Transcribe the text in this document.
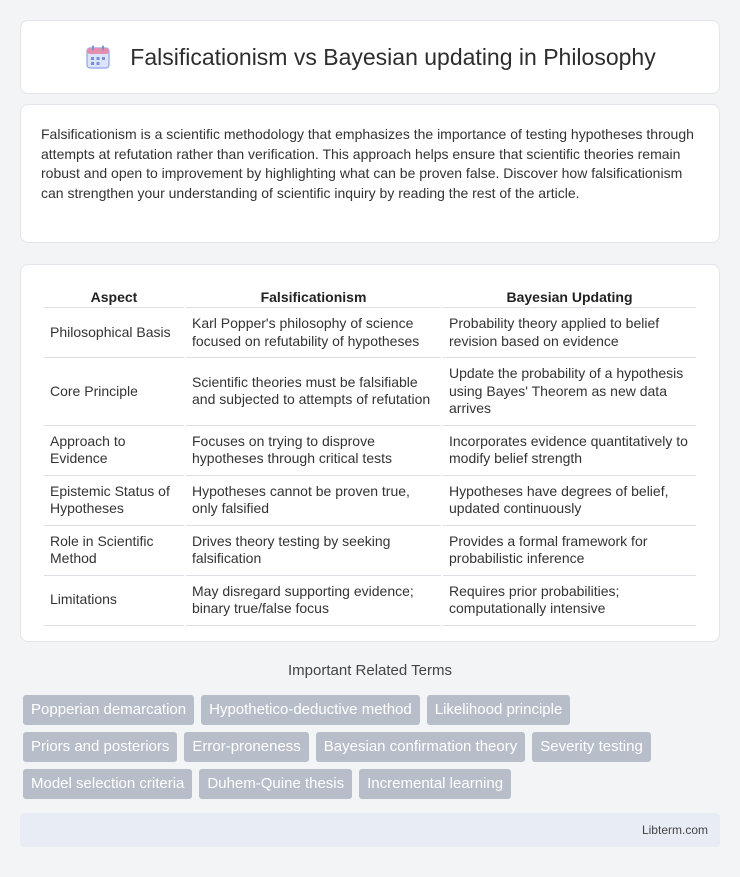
Falsificationism vs Bayesian updating in Philosophy

Falsificationism is a scientific methodology that emphasizes the importance of testing hypotheses through attempts at refutation rather than verification. This approach helps ensure that scientific theories remain robust and open to improvement by highlighting what can be proven false. Discover how falsificationism can strengthen your understanding of scientific inquiry by reading the rest of the article.

Aspect	Falsificationism	Bayesian Updating
Philosophical Basis	Karl Popper's philosophy of science focused on refutability of hypotheses	Probability theory applied to belief revision based on evidence
Core Principle	Scientific theories must be falsifiable and subjected to attempts of refutation	Update the probability of a hypothesis using Bayes' Theorem as new data arrives
Approach to Evidence	Focuses on trying to disprove hypotheses through critical tests	Incorporates evidence quantitatively to modify belief strength
Epistemic Status of Hypotheses	Hypotheses cannot be proven true, only falsified	Hypotheses have degrees of belief, updated continuously
Role in Scientific Method	Drives theory testing by seeking falsification	Provides a formal framework for probabilistic inference
Limitations	May disregard supporting evidence; binary true/false focus	Requires prior probabilities; computationally intensive
Important Related Terms
Popperian demarcation	Hypothetico-deductive method	Likelihood principle
Priors and posteriors	Error-proneness	Bayesian confirmation theory	Severity testing
Model selection criteria	Duhem-Quine thesis	Incremental learning
Libterm.com
